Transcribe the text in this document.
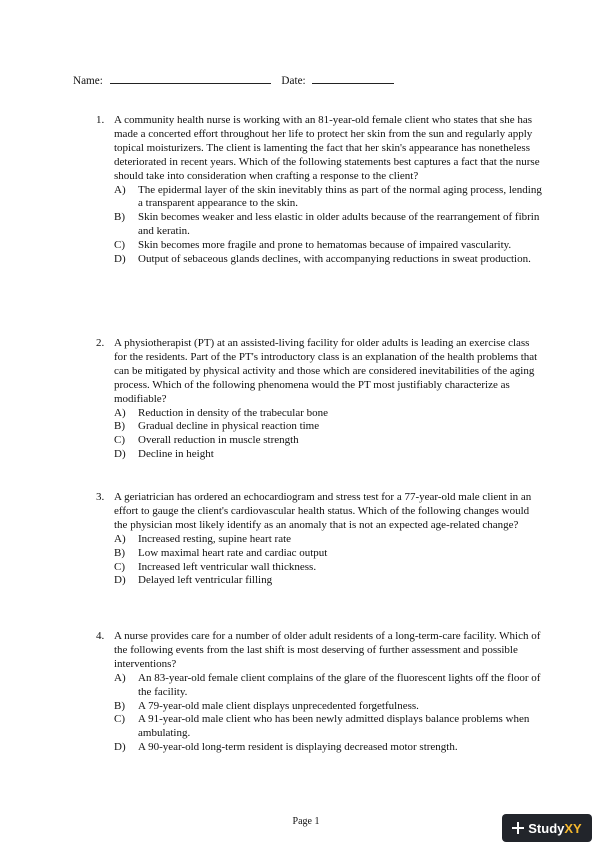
Name:	Date:
1. A community health nurse is working with an 81-year-old female client who states that she has made a concerted effort throughout her life to protect her skin from the sun and regularly apply topical moisturizers. The client is lamenting the fact that her skin's appearance has nonetheless deteriorated in recent years. Which of the following statements best captures a fact that the nurse should take into consideration when crafting a response to the client?
A) The epidermal layer of the skin inevitably thins as part of the normal aging process, lending a transparent appearance to the skin.
B) Skin becomes weaker and less elastic in older adults because of the rearrangement of fibrin and keratin.
C) Skin becomes more fragile and prone to hematomas because of impaired vascularity.
D) Output of sebaceous glands declines, with accompanying reductions in sweat production.
2. A physiotherapist (PT) at an assisted-living facility for older adults is leading an exercise class for the residents. Part of the PT's introductory class is an explanation of the health problems that can be mitigated by physical activity and those which are considered inevitabilities of the aging process. Which of the following phenomena would the PT most justifiably characterize as modifiable?
A) Reduction in density of the trabecular bone
B) Gradual decline in physical reaction time
C) Overall reduction in muscle strength
D) Decline in height
3. A geriatrician has ordered an echocardiogram and stress test for a 77-year-old male client in an effort to gauge the client's cardiovascular health status. Which of the following changes would the physician most likely identify as an anomaly that is not an expected age-related change?
A) Increased resting, supine heart rate
B) Low maximal heart rate and cardiac output
C) Increased left ventricular wall thickness.
D) Delayed left ventricular filling
4. A nurse provides care for a number of older adult residents of a long-term-care facility. Which of the following events from the last shift is most deserving of further assessment and possible interventions?
A) An 83-year-old female client complains of the glare of the fluorescent lights off the floor of the facility.
B) A 79-year-old male client displays unprecedented forgetfulness.
C) A 91-year-old male client who has been newly admitted displays balance problems when ambulating.
D) A 90-year-old long-term resident is displaying decreased motor strength.
Page 1	Study XY
